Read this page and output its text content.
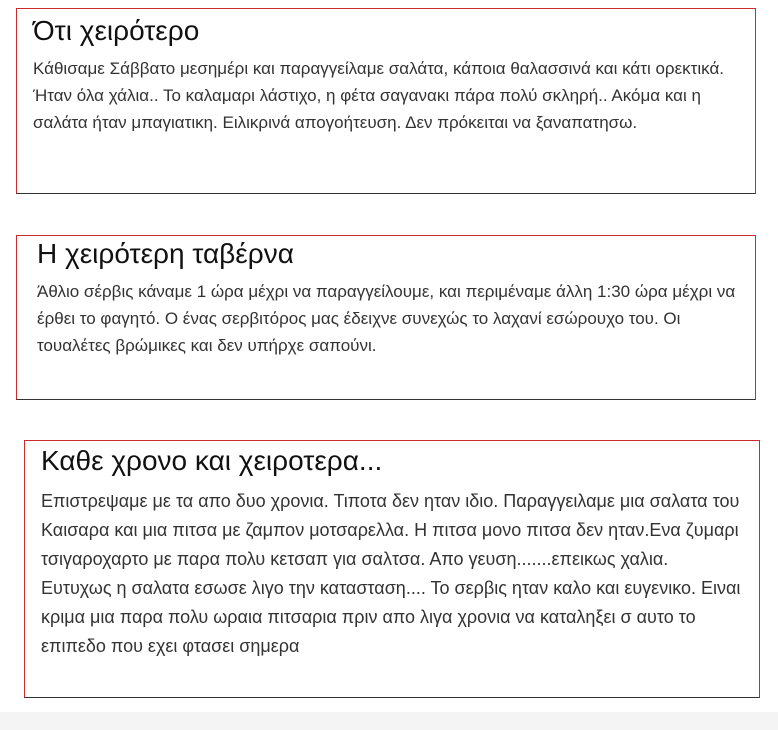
Ότι χειρότερο

Κάθισαμε Σάββατο μεσημέρι και παραγγείλαμε σαλάτα, κάποια θαλασσινά και κάτι ορεκτικά. Ήταν όλα χάλια.. Το καλαμαρι λάστιχο, η φέτα σαγανακι πάρα πολύ σκληρή.. Ακόμα και η σαλάτα ήταν μπαγιατικη. Ειλικρινά απογοήτευση. Δεν πρόκειται να ξαναπατησω.

Η χειρότερη ταβέρνα

Άθλιο σέρβις κάναμε 1 ώρα μέχρι να παραγγείλουμε, και περιμέναμε άλλη 1:30 ώρα μέχρι να έρθει το φαγητό. Ο ένας σερβιτόρος μας έδειχνε συνεχώς το λαχανί εσώρουχο του. Οι τουαλέτες βρώμικες και δεν υπήρχε σαπούνι.

Καθε χρονο και χειροτερα...

Επιστρεψαμε με τα απο δυο χρονια. Τιποτα δεν ηταν ιδιο. Παραγγειλαμε μια σαλατα του Καισαρα και μια πιτσα με ζαμπον μοτσαρελλα. Η πιτσα μονο πιτσα δεν ηταν.Ενα ζυμαρι τσιγαροχαρτο με παρα πολυ κετσαπ για σαλτσα. Απο γευση.......επεικως χαλια. Ευτυχως η σαλατα εσωσε λιγο την κατασταση.... Το σερβις ηταν καλο και ευγενικο. Ειναι κριμα μια παρα πολυ ωραια πιτσαρια πριν απο λιγα χρονια να καταληξει σ αυτο το επιπεδο που εχει φτασει σημερα
